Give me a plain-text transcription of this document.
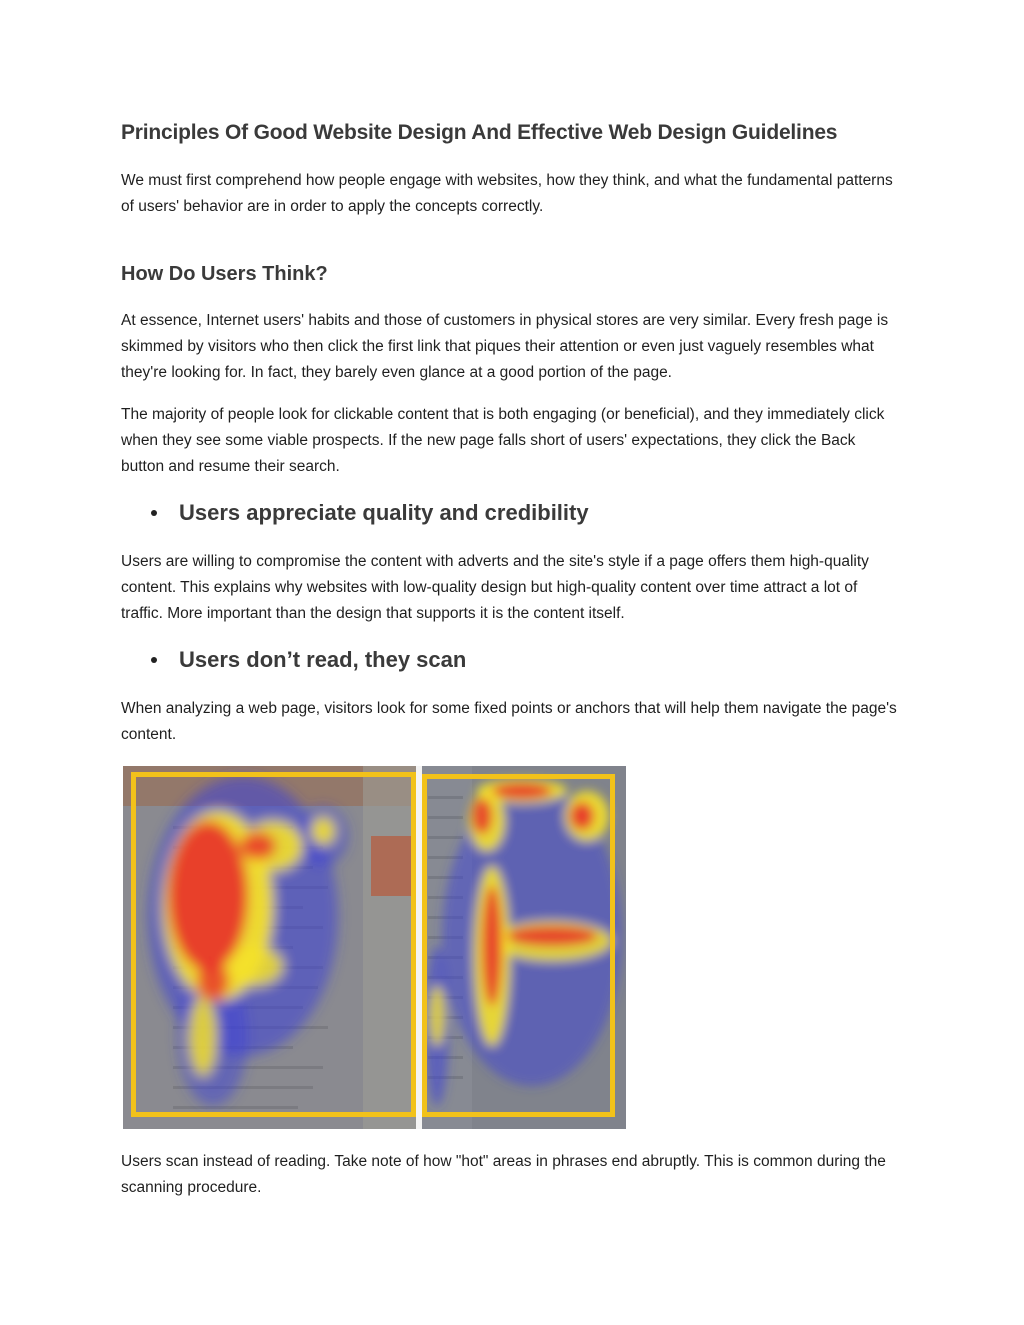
Principles Of Good Website Design And Effective Web Design Guidelines

We must first comprehend how people engage with websites, how they think, and what the fundamental patterns of users' behavior are in order to apply the concepts correctly.

How Do Users Think?

At essence, Internet users' habits and those of customers in physical stores are very similar. Every fresh page is skimmed by visitors who then click the first link that piques their attention or even just vaguely resembles what they're looking for. In fact, they barely even glance at a good portion of the page.

The majority of people look for clickable content that is both engaging (or beneficial), and they immediately click when they see some viable prospects. If the new page falls short of users' expectations, they click the Back button and resume their search.

Users appreciate quality and credibility

Users are willing to compromise the content with adverts and the site's style if a page offers them high-quality content. This explains why websites with low-quality design but high-quality content over time attract a lot of traffic. More important than the design that supports it is the content itself.

Users don’t read, they scan

When analyzing a web page, visitors look for some fixed points or anchors that will help them navigate the page's content.

Users scan instead of reading. Take note of how "hot" areas in phrases end abruptly. This is common during the scanning procedure.
